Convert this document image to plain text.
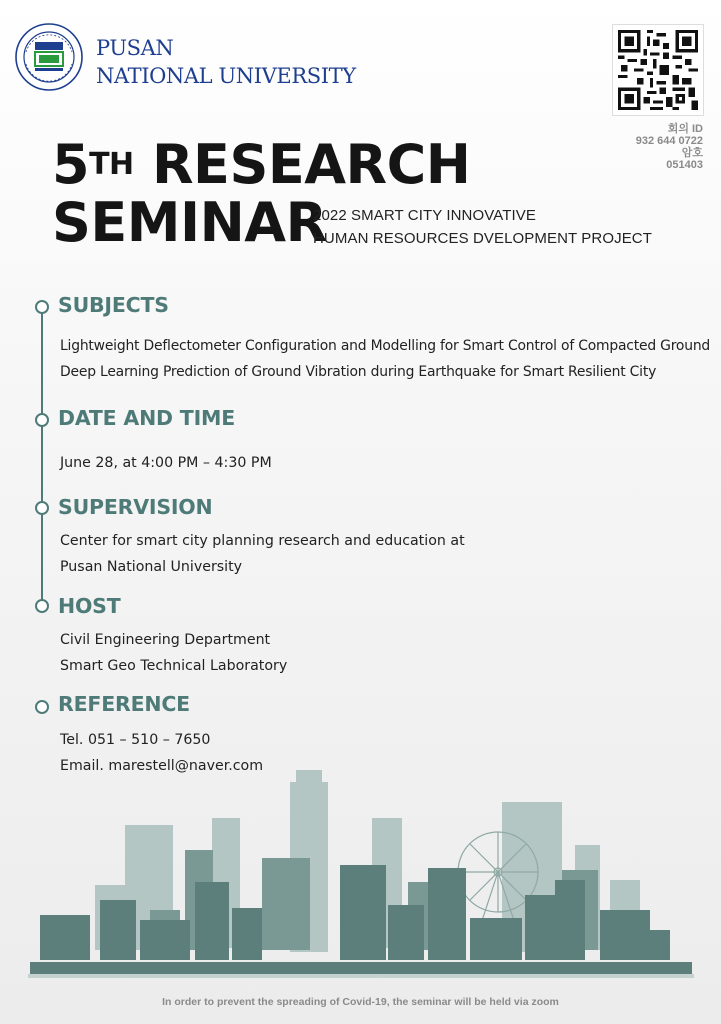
PUSAN
NATIONAL UNIVERSITY
회의 ID
932 644 0722
암호
051403
5TH RESEARCH
SEMINAR
2022 SMART CITY INNOVATIVE
HUMAN RESOURCES DVELOPMENT PROJECT
SUBJECTS
Lightweight Deflectometer Configuration and Modelling for Smart Control of Compacted Ground
Deep Learning Prediction of Ground Vibration during Earthquake for Smart Resilient City
DATE AND TIME
June 28, at 4:00 PM – 4:30 PM
SUPERVISION
Center for smart city planning research and education at
Pusan National University
HOST
Civil Engineering Department
Smart Geo Technical Laboratory
REFERENCE
Tel. 051 – 510 – 7650
Email. marestell@naver.com
In order to prevent the spreading of Covid-19, the seminar will be held via zoom
